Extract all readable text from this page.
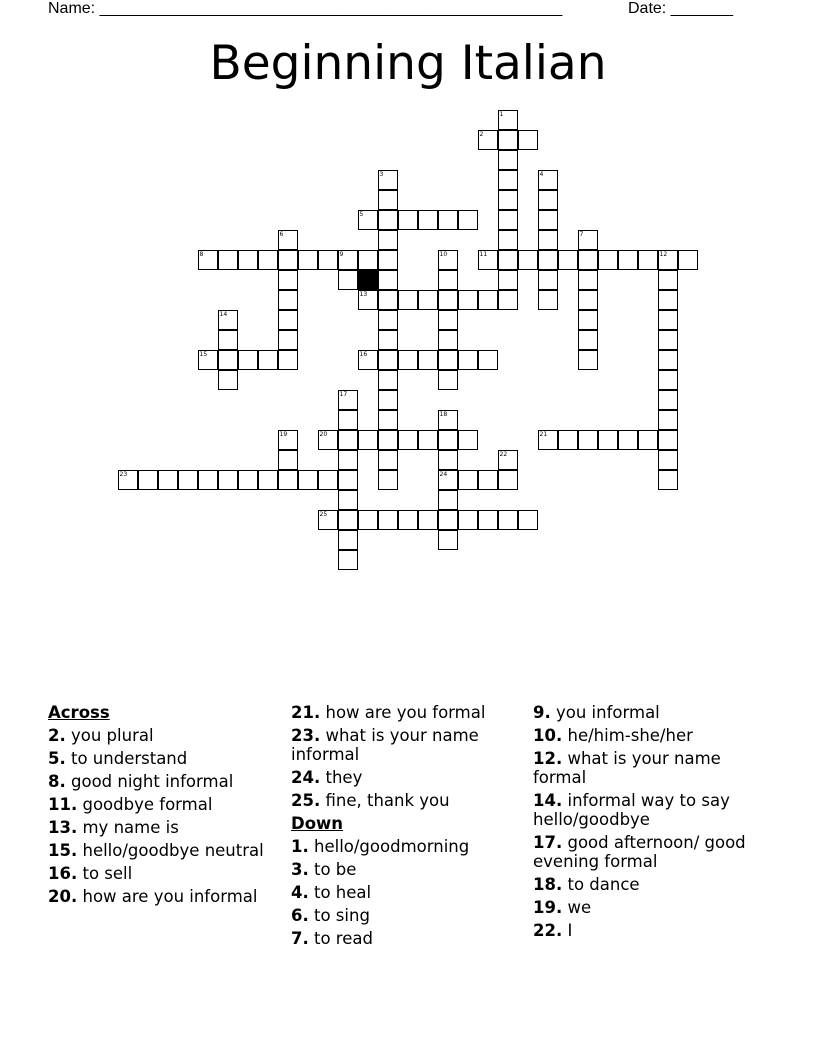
Name: ____________________________________________________	Date: _______
Beginning Italian
1
2
3	4
5
6	7
8	9	10	11	12
13
14
15	16
17
18
24
19	20	21
22
23
25
Across
2. you plural
5. to understand
8. good night informal
11. goodbye formal
13. my name is
15. hello/goodbye neutral
16. to sell
20. how are you informal
21. how are you formal
23. what is your name informal
24. they
25. fine, thank you
Down
1. hello/goodmorning
3. to be
4. to heal
6. to sing
7. to read
9. you informal
10. he/him-she/her
12. what is your name formal
14. informal way to say hello/goodbye
17. good afternoon/ good evening formal
18. to dance
19. we
22. I
